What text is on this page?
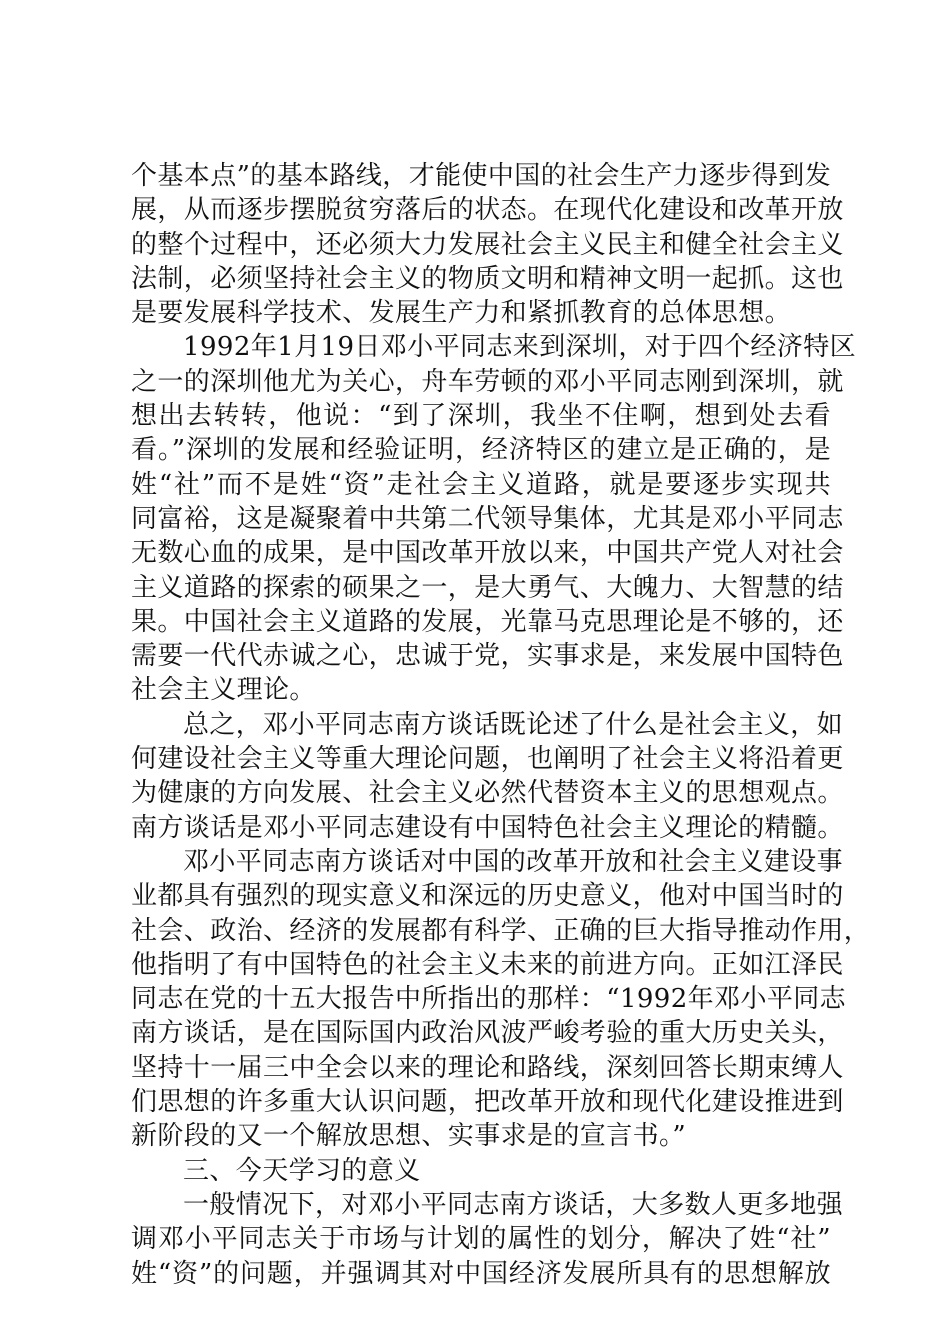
个基本点”的基本路线，才能使中国的社会生产力逐步得到发
展，从而逐步摆脱贫穷落后的状态。在现代化建设和改革开放
的整个过程中，还必须大力发展社会主义民主和健全社会主义
法制，必须坚持社会主义的物质文明和精神文明一起抓。这也
是要发展科学技术、发展生产力和紧抓教育的总体思想。
1992年1月19日邓小平同志来到深圳，对于四个经济特区
之一的深圳他尤为关心，舟车劳顿的邓小平同志刚到深圳，就
想出去转转，他说：“到了深圳，我坐不住啊，想到处去看
看。”深圳的发展和经验证明，经济特区的建立是正确的，是
姓“社”而不是姓“资”走社会主义道路，就是要逐步实现共
同富裕，这是凝聚着中共第二代领导集体，尤其是邓小平同志
无数心血的成果，是中国改革开放以来，中国共产党人对社会
主义道路的探索的硕果之一，是大勇气、大魄力、大智慧的结
果。中国社会主义道路的发展，光靠马克思理论是不够的，还
需要一代代赤诚之心，忠诚于党，实事求是，来发展中国特色
社会主义理论。
总之，邓小平同志南方谈话既论述了什么是社会主义，如
何建设社会主义等重大理论问题，也阐明了社会主义将沿着更
为健康的方向发展、社会主义必然代替资本主义的思想观点。
南方谈话是邓小平同志建设有中国特色社会主义理论的精髓。
邓小平同志南方谈话对中国的改革开放和社会主义建设事
业都具有强烈的现实意义和深远的历史意义，他对中国当时的
社会、政治、经济的发展都有科学、正确的巨大指导推动作用，
他指明了有中国特色的社会主义未来的前进方向。正如江泽民
同志在党的十五大报告中所指出的那样：“1992年邓小平同志
南方谈话，是在国际国内政治风波严峻考验的重大历史关头，
坚持十一届三中全会以来的理论和路线，深刻回答长期束缚人
们思想的许多重大认识问题，把改革开放和现代化建设推进到
新阶段的又一个解放思想、实事求是的宣言书。”
三、今天学习的意义
一般情况下，对邓小平同志南方谈话，大多数人更多地强
调邓小平同志关于市场与计划的属性的划分，解决了姓“社”
姓“资”的问题，并强调其对中国经济发展所具有的思想解放
